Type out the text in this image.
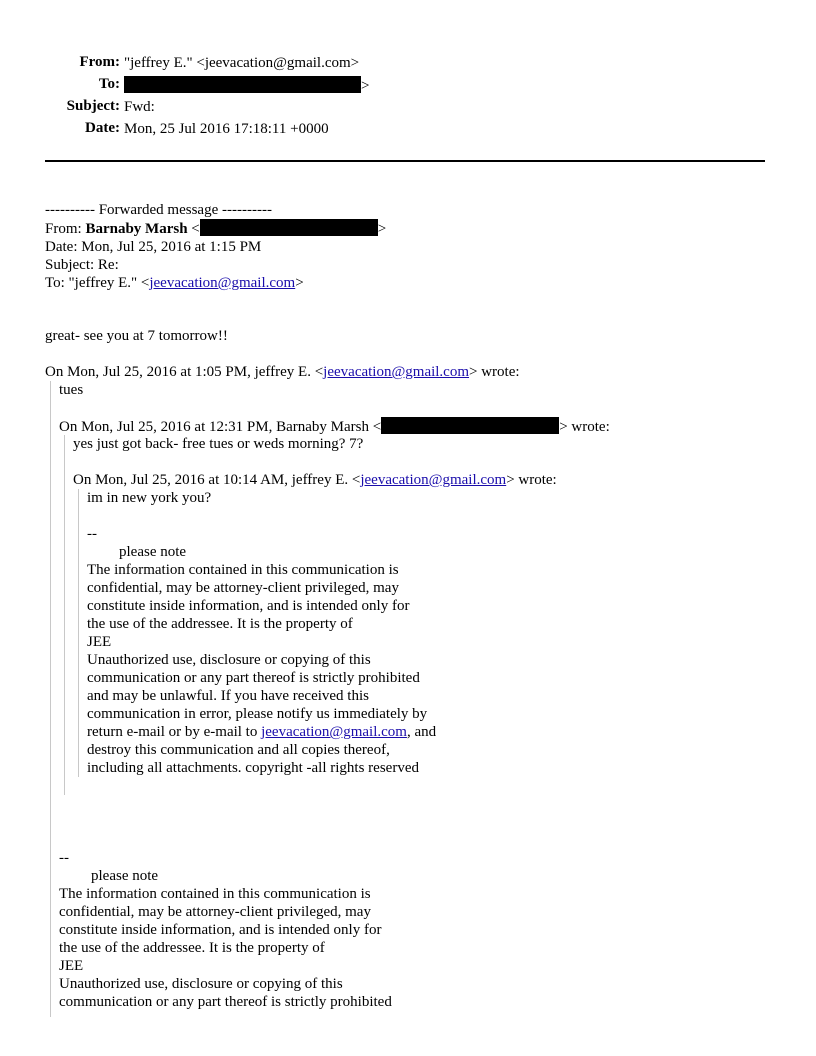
From: "jeffrey E." <jeevacation@gmail.com>
To:	>
Subject: Fwd:
Date: Mon, 25 Jul 2016 17:18:11 +0000
---------- Forwarded message ----------
From: Barnaby Marsh <	>
Date: Mon, Jul 25, 2016 at 1:15 PM
Subject: Re:
To: "jeffrey E." <jeevacation@gmail.com>
great- see you at 7 tomorrow!!
On Mon, Jul 25, 2016 at 1:05 PM, jeffrey E. <jeevacation@gmail.com> wrote:
tues
On Mon, Jul 25, 2016 at 12:31 PM, Barnaby Marsh <	> wrote:
yes just got back- free tues or weds morning? 7?
On Mon, Jul 25, 2016 at 10:14 AM, jeffrey E. <jeevacation@gmail.com> wrote:
im in new york you?
--
please note
The information contained in this communication is
confidential, may be attorney-client privileged, may
constitute inside information, and is intended only for
the use of the addressee. It is the property of
JEE
Unauthorized use, disclosure or copying of this
communication or any part thereof is strictly prohibited
and may be unlawful. If you have received this
communication in error, please notify us immediately by
return e-mail or by e-mail to jeevacation@gmail.com, and
destroy this communication and all copies thereof,
including all attachments. copyright -all rights reserved
--
please note
The information contained in this communication is
confidential, may be attorney-client privileged, may
constitute inside information, and is intended only for
the use of the addressee. It is the property of
JEE
Unauthorized use, disclosure or copying of this
communication or any part thereof is strictly prohibited
